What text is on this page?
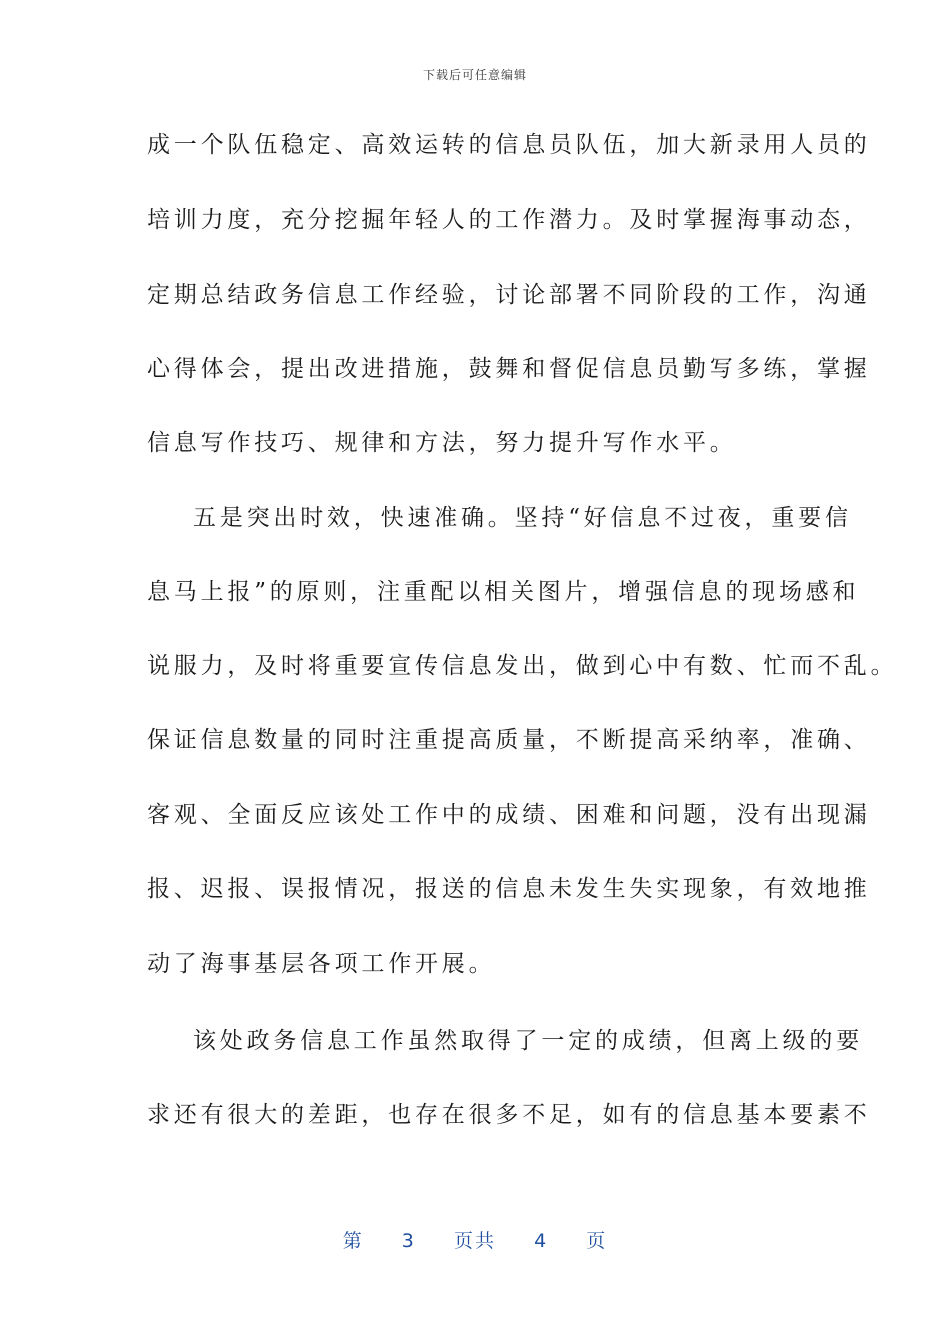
下载后可任意编辑
成一个队伍稳定、高效运转的信息员队伍，加大新录用人员的
培训力度，充分挖掘年轻人的工作潜力。及时掌握海事动态，
定期总结政务信息工作经验，讨论部署不同阶段的工作，沟通
心得体会，提出改进措施，鼓舞和督促信息员勤写多练，掌握
信息写作技巧、规律和方法，努力提升写作水平。
五是突出时效，快速准确。坚持“好信息不过夜，重要信
息马上报”的原则，注重配以相关图片，增强信息的现场感和
说服力，及时将重要宣传信息发出，做到心中有数、忙而不乱。
保证信息数量的同时注重提高质量，不断提高采纳率，准确、
客观、全面反应该处工作中的成绩、困难和问题，没有出现漏
报、迟报、误报情况，报送的信息未发生失实现象，有效地推
动了海事基层各项工作开展。
该处政务信息工作虽然取得了一定的成绩，但离上级的要
求还有很大的差距，也存在很多不足，如有的信息基本要素不
第 3 页共 4 页
